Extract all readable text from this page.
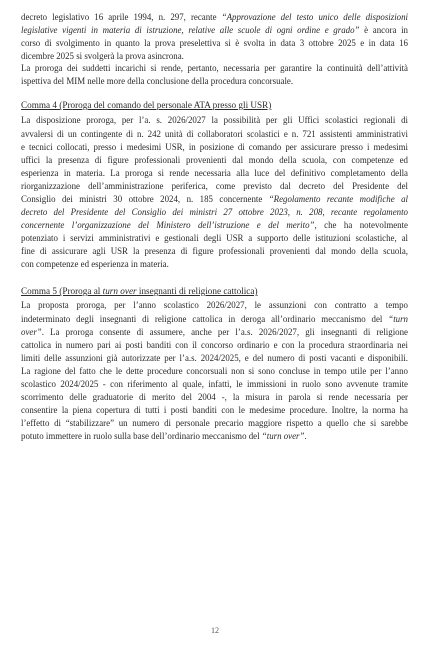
decreto legislativo 16 aprile 1994, n. 297, recante “Approvazione del testo unico delle disposizioni
legislative vigenti in materia di istruzione, relative alle scuole di ogni ordine e grado” è ancora in
corso di svolgimento in quanto la prova preselettiva si è svolta in data 3 ottobre 2025 e in data 16
dicembre 2025 si svolgerà la prova asincrona.
La proroga dei suddetti incarichi si rende, pertanto, necessaria per garantire la continuità dell’attività
ispettiva del MIM nelle more della conclusione della procedura concorsuale.
Comma 4 (Proroga del comando del personale ATA presso gli USR)
La disposizione proroga, per l’a. s. 2026/2027 la possibilità per gli Uffici scolastici regionali di
avvalersi di un contingente di n. 242 unità di collaboratori scolastici e n. 721 assistenti amministrativi
e tecnici collocati, presso i medesimi USR, in posizione di comando per assicurare presso i medesimi
uffici la presenza di figure professionali provenienti dal mondo della scuola, con competenze ed
esperienza in materia. La proroga si rende necessaria alla luce del definitivo completamento della
riorganizzazione dell’amministrazione periferica, come previsto dal decreto del Presidente del
Consiglio dei ministri 30 ottobre 2024, n. 185 concernente “Regolamento recante modifiche al
decreto del Presidente del Consiglio dei ministri 27 ottobre 2023, n. 208, recante regolamento
concernente l’organizzazione del Ministero dell’istruzione e del merito”, che ha notevolmente
potenziato i servizi amministrativi e gestionali degli USR a supporto delle istituzioni scolastiche, al
fine di assicurare agli USR la presenza di figure professionali provenienti dal mondo della scuola,
con competenze ed esperienza in materia.
Comma 5 (Proroga al turn over insegnanti di religione cattolica)
La proposta proroga, per l’anno scolastico 2026/2027, le assunzioni con contratto a tempo
indeterminato degli insegnanti di religione cattolica in deroga all’ordinario meccanismo del “turn
over”. La proroga consente di assumere, anche per l’a.s. 2026/2027, gli insegnanti di religione
cattolica in numero pari ai posti banditi con il concorso ordinario e con la procedura straordinaria nei
limiti delle assunzioni già autorizzate per l’a.s. 2024/2025, e del numero di posti vacanti e disponibili.
La ragione del fatto che le dette procedure concorsuali non si sono concluse in tempo utile per l’anno
scolastico 2024/2025 - con riferimento al quale, infatti, le immissioni in ruolo sono avvenute tramite
scorrimento delle graduatorie di merito del 2004 -, la misura in parola si rende necessaria per
consentire la piena copertura di tutti i posti banditi con le medesime procedure. Inoltre, la norma ha
l’effetto di “stabilizzare” un numero di personale precario maggiore rispetto a quello che si sarebbe
potuto immettere in ruolo sulla base dell’ordinario meccanismo del “turn over”.
12
